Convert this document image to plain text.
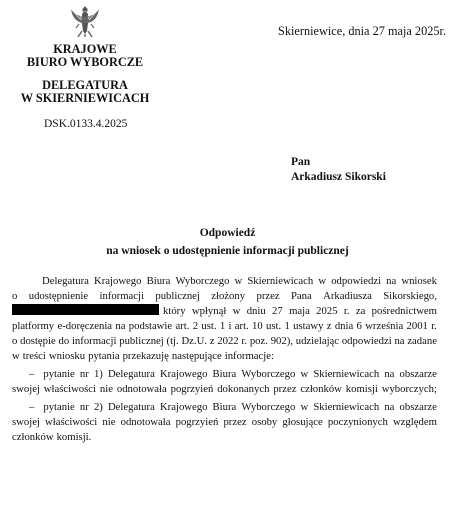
KRAJOWE
BIURO WYBORCZE
DELEGATURA
W SKIERNIEWICACH
Skierniewice, dnia 27 maja 2025r.
DSK.0133.4.2025
Pan
Arkadiusz Sikorski
Odpowiedź
na wniosek o udostępnienie informacji publicznej
Delegatura Krajowego Biura Wyborczego w Skierniewicach w odpowiedzi na wniosek
o udostępnienie informacji publicznej złożony przez Pana Arkadiusza Sikorskiego,
który wpłynął w dniu 27 maja 2025 r. za pośrednictwem
platformy e-doręczenia na podstawie art. 2 ust. 1 i art. 10 ust. 1 ustawy z dnia 6 września 2001 r.
o dostępie do informacji publicznej (tj. Dz.U. z 2022 r. poz. 902), udzielając odpowiedzi na zadane
w treści wniosku pytania przekazuję następujące informacje:
– pytanie nr 1) Delegatura Krajowego Biura Wyborczego w Skierniewicach na obszarze
swojej właściwości nie odnotowała pogrzyień dokonanych przez członków komisji wyborczych;
– pytanie nr 2) Delegatura Krajowego Biura Wyborczego w Skierniewicach na obszarze
swojej właściwości nie odnotowała pogrzyień przez osoby głosujące poczynionych względem
członków komisji.
